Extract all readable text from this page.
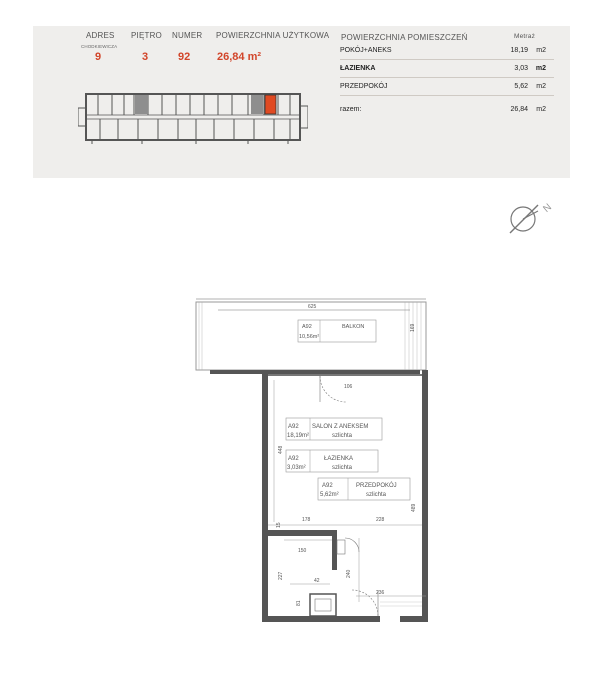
ADRES PIĘTRO NUMER POWIERZCHNIA UŻYTKOWA
CHODKIEWICZA
9	3	92 26,84 m²
POWIERZCHNIA POMIESZCZEŃ	Metraż
POKÓJ+ANEKS	18,19 m2
ŁAZIENKA	3,03 m2
PRZEDPOKÓJ	5,62 m2
razem:	26,84 m2
N
625
169
A92	BALKON
10,56m²
106
448
489
A92 SALON Z ANEKSEM
18,19m²	szlichta
A92	ŁAZIENKA
3,03m²	szlichta
A92	PRZEDPOKÓJ
5,62m²	szlichta
178	228
15
150
240
227
42
81
236
